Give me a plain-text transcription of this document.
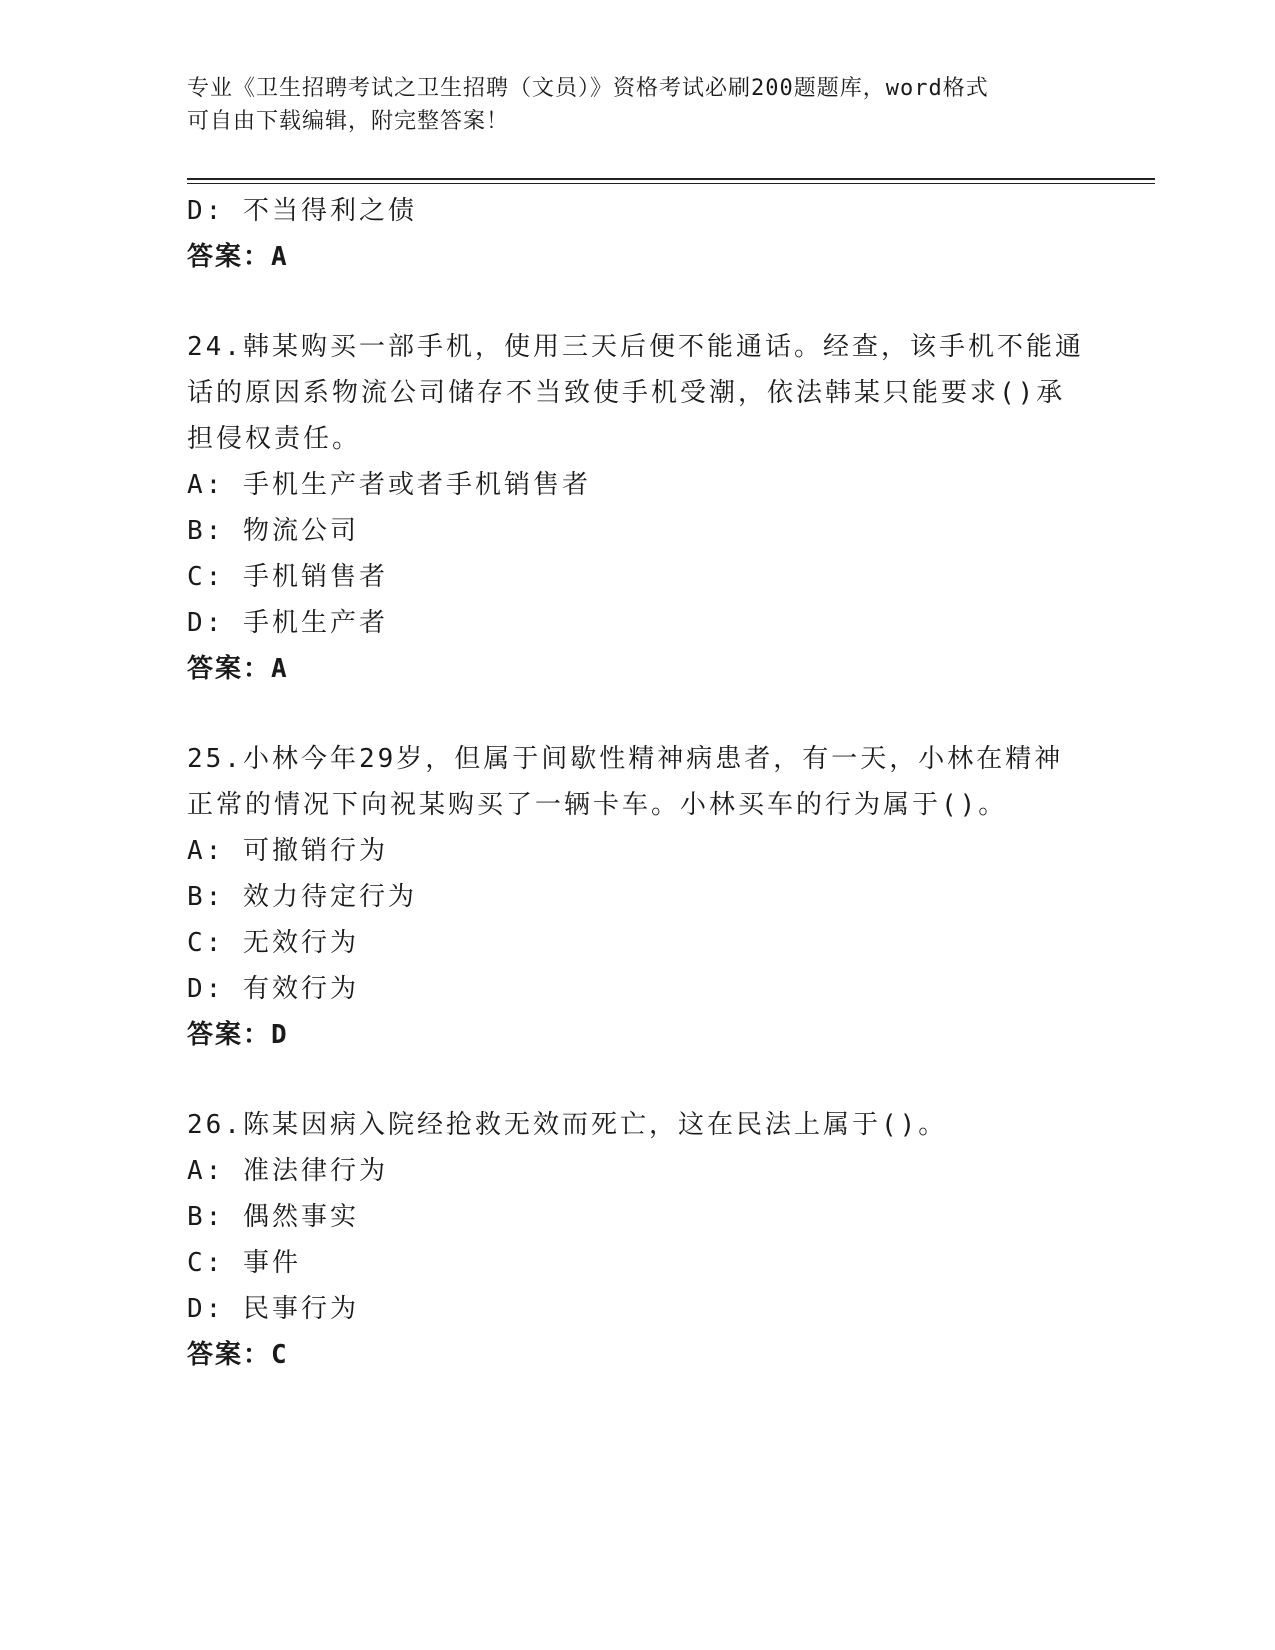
专业《卫生招聘考试之卫生招聘（文员）》资格考试必刷200题题库，word格式
可自由下载编辑，附完整答案！
D: 不当得利之债
答案：A
24.韩某购买一部手机，使用三天后便不能通话。经查，该手机不能通
话的原因系物流公司储存不当致使手机受潮，依法韩某只能要求()承
担侵权责任。
A: 手机生产者或者手机销售者
B: 物流公司
C: 手机销售者
D: 手机生产者
答案：A
25.小林今年29岁，但属于间歇性精神病患者，有一天，小林在精神
正常的情况下向祝某购买了一辆卡车。小林买车的行为属于()。
A: 可撤销行为
B: 效力待定行为
C: 无效行为
D: 有效行为
答案：D
26.陈某因病入院经抢救无效而死亡，这在民法上属于()。
A: 准法律行为
B: 偶然事实
C: 事件
D: 民事行为
答案：C
